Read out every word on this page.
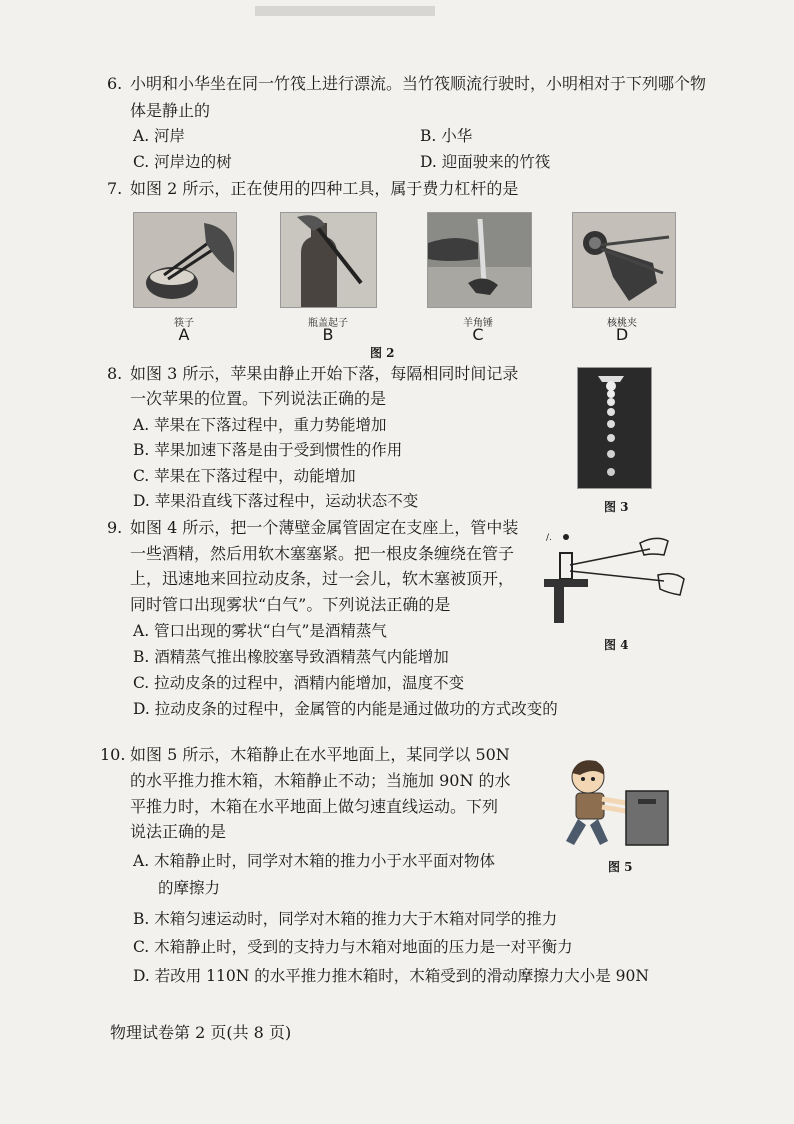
6. 小明和小华坐在同一竹筏上进行漂流。当竹筏顺流行驶时，小明相对于下列哪个物
体是静止的
A. 河岸	B. 小华
C. 河岸边的树	D. 迎面驶来的竹筏
7. 如图 2 所示，正在使用的四种工具，属于费力杠杆的是
筷子	瓶盖起子	羊角锤	核桃夹
A	B	C	D
图 2
8. 如图 3 所示，苹果由静止开始下落，每隔相同时间记录
一次苹果的位置。下列说法正确的是
A. 苹果在下落过程中，重力势能增加
B. 苹果加速下落是由于受到惯性的作用
C. 苹果在下落过程中，动能增加
D. 苹果沿直线下落过程中，运动状态不变	图 3
9. 如图 4 所示，把一个薄壁金属管固定在支座上，管中装
一些酒精，然后用软木塞塞紧。把一根皮条缠绕在管子
上，迅速地来回拉动皮条，过一会儿，软木塞被顶开，
同时管口出现雾状“白气”。下列说法正确的是
A. 管口出现的雾状“白气”是酒精蒸气
B. 酒精蒸气推出橡胶塞导致酒精蒸气内能增加
C. 拉动皮条的过程中，酒精内能增加，温度不变
D. 拉动皮条的过程中，金属管的内能是通过做功的方式改变的
/.
图 4
10. 如图 5 所示，木箱静止在水平地面上，某同学以 50N
的水平推力推木箱，木箱静止不动；当施加 90N 的水
平推力时，木箱在水平地面上做匀速直线运动。下列
说法正确的是
A. 木箱静止时，同学对木箱的推力小于水平面对物体
的摩擦力
B. 木箱匀速运动时，同学对木箱的推力大于木箱对同学的推力
C. 木箱静止时，受到的支持力与木箱对地面的压力是一对平衡力
D. 若改用 110N 的水平推力推木箱时，木箱受到的滑动摩擦力大小是 90N
图 5
物理试卷第 2 页(共 8 页)
